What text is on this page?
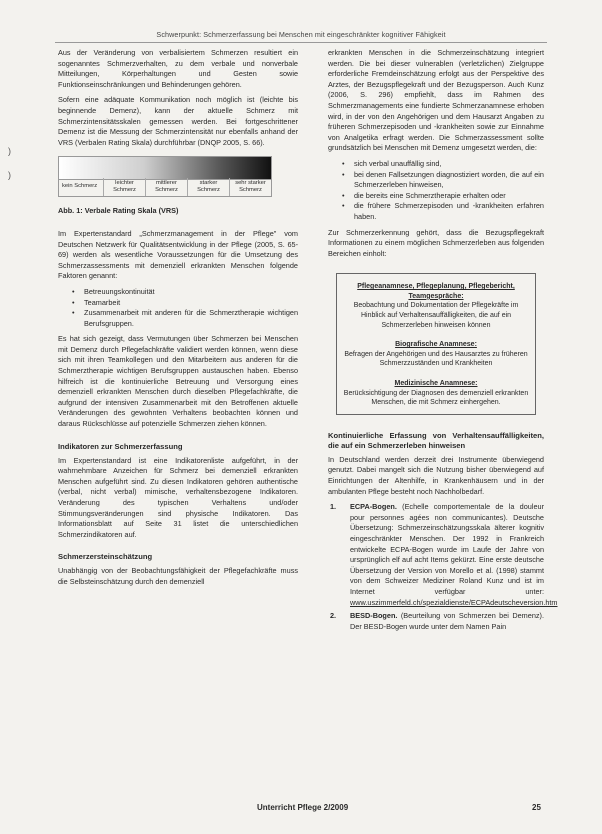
Schwerpunkt: Schmerzerfassung bei Menschen mit eingeschränkter kognitiver Fähigkeit
)
)

Aus der Veränderung von verbalisiertem Schmerzen resultiert ein sogenanntes Schmerzverhalten, zu dem verbale und nonverbale Mitteilungen, Körperhaltungen und Gesten sowie Funktionseinschränkungen und Behinderungen gehören.

Sofern eine adäquate Kommunikation noch möglich ist (leichte bis beginnende Demenz), kann der aktuelle Schmerz mit Schmerzintensitätsskalen gemessen werden. Bei fortgeschrittener Demenz ist die Messung der Schmerzintensität nur ebenfalls anhand der VRS (Verbalen Rating Skala) durchführbar (DNQP 2005, S. 66).

kein Schmerz	leichter Schmerz
mittlerer Schmerz
starker Schmerz
sehr starker Schmerz
Abb. 1: Verbale Rating Skala (VRS)

Im Expertenstandard „Schmerzmanagement in der Pflege" vom Deutschen Netzwerk für Qualitätsentwicklung in der Pflege (2005, S. 65-69) werden als wesentliche Voraussetzungen für die Umsetzung des Schmerzassessments mit demenziell erkrankten Menschen folgende Faktoren genannt:

• Betreuungskontinuität
• Teamarbeit
• Zusammenarbeit mit anderen für die Schmerztherapie wichtigen Berufsgruppen.

Es hat sich gezeigt, dass Vermutungen über Schmerzen bei Menschen mit Demenz durch Pflegefachkräfte validiert werden können, wenn diese sich mit ihren Teamkollegen und den Mitarbeitern aus anderen für die Schmerztherapie wichtigen Berufsgruppen austauschen haben. Ebenso hilfreich ist die kontinuierliche Betreuung und Versorgung eines demenziell erkrankten Menschen durch dieselben Pflegefachkräfte, die aufgrund der intensiven Zusammenarbeit mit den Betroffenen aktuelle Veränderungen des gewohnten Verhaltens beobachten können und daraus Rückschlüsse auf potenzielle Schmerzen ziehen können.

Indikatoren zur Schmerzerfassung

Im Expertenstandard ist eine Indikatorenliste aufgeführt, in der wahrnehmbare Anzeichen für Schmerz bei demenziell erkrankten Menschen aufgeführt sind. Zu diesen Indikatoren gehören authentische (verbal, nicht verbal) mimische, verhaltensbezogene Indikatoren. Veränderung des typischen Verhaltens und/oder Stimmungsveränderungen sind physische Indikatoren. Das Informationsblatt auf Seite 31 listet die unterschiedlichen Schmerzindikatoren auf.

Schmerzersteinschätzung

Unabhängig von der Beobachtungsfähigkeit der Pflegefachkräfte muss die Selbsteinschätzung durch den demenziell

erkrankten Menschen in die Schmerzeinschätzung integriert werden. Die bei dieser vulnerablen (verletzlichen) Zielgruppe erforderliche Fremdeinschätzung erfolgt aus der Perspektive des Arztes, der Bezugspflegekraft und der Bezugsperson. Auch Kunz (2006, S. 296) empfiehlt, dass im Rahmen des Schmerzmanagements eine fundierte Schmerzanamnese erhoben wird, in der von den Angehörigen und dem Hausarzt Angaben zu früheren Schmerzepisoden und -krankheiten sowie zur Einnahme von Analgetika erfragt werden. Die Schmerzassessment sollte grundsätzlich bei Menschen mit Demenz umgesetzt werden, die:

• sich verbal unauffällig sind,
• bei denen Fallsetzungen diagnostiziert worden, die auf ein Schmerzerleben hinweisen,
• die bereits eine Schmerztherapie erhalten oder
• die frühere Schmerzepisoden und -krankheiten erfahren haben.

Zur Schmerzerkennung gehört, dass die Bezugspflegekraft Informationen zu einem möglichen Schmerzerleben aus folgenden Bereichen einholt:

Pflegeanamnese, Pflegeplanung, Pflegebericht, Teamgespräche:
Beobachtung und Dokumentation der Pflegekräfte im Hinblick auf Verhaltensauffälligkeiten, die auf ein Schmerzerleben hinweisen können
Biografische Anamnese:
Befragen der Angehörigen und des Hausarztes zu früheren Schmerzzuständen und Krankheiten
Medizinische Anamnese:
Berücksichtigung der Diagnosen des demenziell erkrankten Menschen, die mit Schmerz einhergehen.
Kontinuierliche Erfassung von Verhaltensauffälligkeiten, die auf ein Schmerzerleben hinweisen

In Deutschland werden derzeit drei Instrumente überwiegend genutzt. Dabei mangelt sich die Nutzung bisher überwiegend auf Einrichtungen der Altenhilfe, in Krankenhäusern und in der ambulanten Pflege besteht noch Nachholbedarf.

1. ECPA-Bogen. (Echelle comportementale de la douleur pour personnes agées non communicantes). Deutsche Übersetzung: Schmerzeinschätzungsskala älterer kognitiv eingeschränkter Menschen. Der 1992 in Frankreich entwickelte ECPA-Bogen wurde im Laufe der Jahre von ursprünglich elf auf acht Items gekürzt. Eine erste deutsche Übersetzung der Version von Morello et al. (1998) stammt von dem Schweizer Mediziner Roland Kunz und ist im Internet verfügbar unter: www.uszimmerfeld.ch/spezialdienste/ECPAdeutscheversion.htm
2. BESD-Bogen. (Beurteilung von Schmerzen bei Demenz). Der BESD-Bogen wurde unter dem Namen Pain
Unterricht Pflege 2/2009	25
